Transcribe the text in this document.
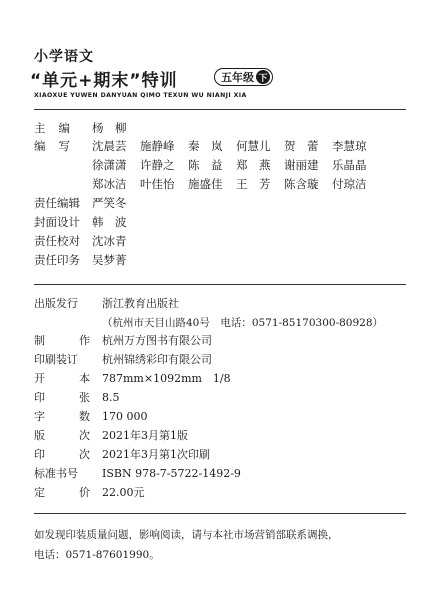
小学语文
“单元+期末”特训	五年级 下
XIAOXUE YUWEN DANYUAN QIMO TEXUN WU NIANJI XIA
主 编 杨　柳
编 写 沈晨芸	施静峰	秦　岚	何慧儿	贺　蕾	李慧琼
徐潇潇	许静之	陈　益	郑　燕	谢丽建	乐晶晶
郑冰洁	叶佳怡	施盛佳	王　芳	陈含璇	付琼洁
责任编辑	严笑冬
封面设计	韩　波
责任校对	沈冰青
责任印务	吴梦菁
出版发行	浙江教育出版社
（杭州市天目山路40号　电话：0571-85170300-80928）
制	作 杭州万方图书有限公司
印刷装订	杭州锦绣彩印有限公司
开	本 787mm×1092mm　1/8
印	张 8.5
字	数 170 000
版	次 2021年3月第1版
印	次 2021年3月第1次印刷
标准书号	ISBN 978-7-5722-1492-9
定	价 22.00元
如发现印装质量问题，影响阅读，请与本社市场营销部联系调换，
电话：0571-87601990。
